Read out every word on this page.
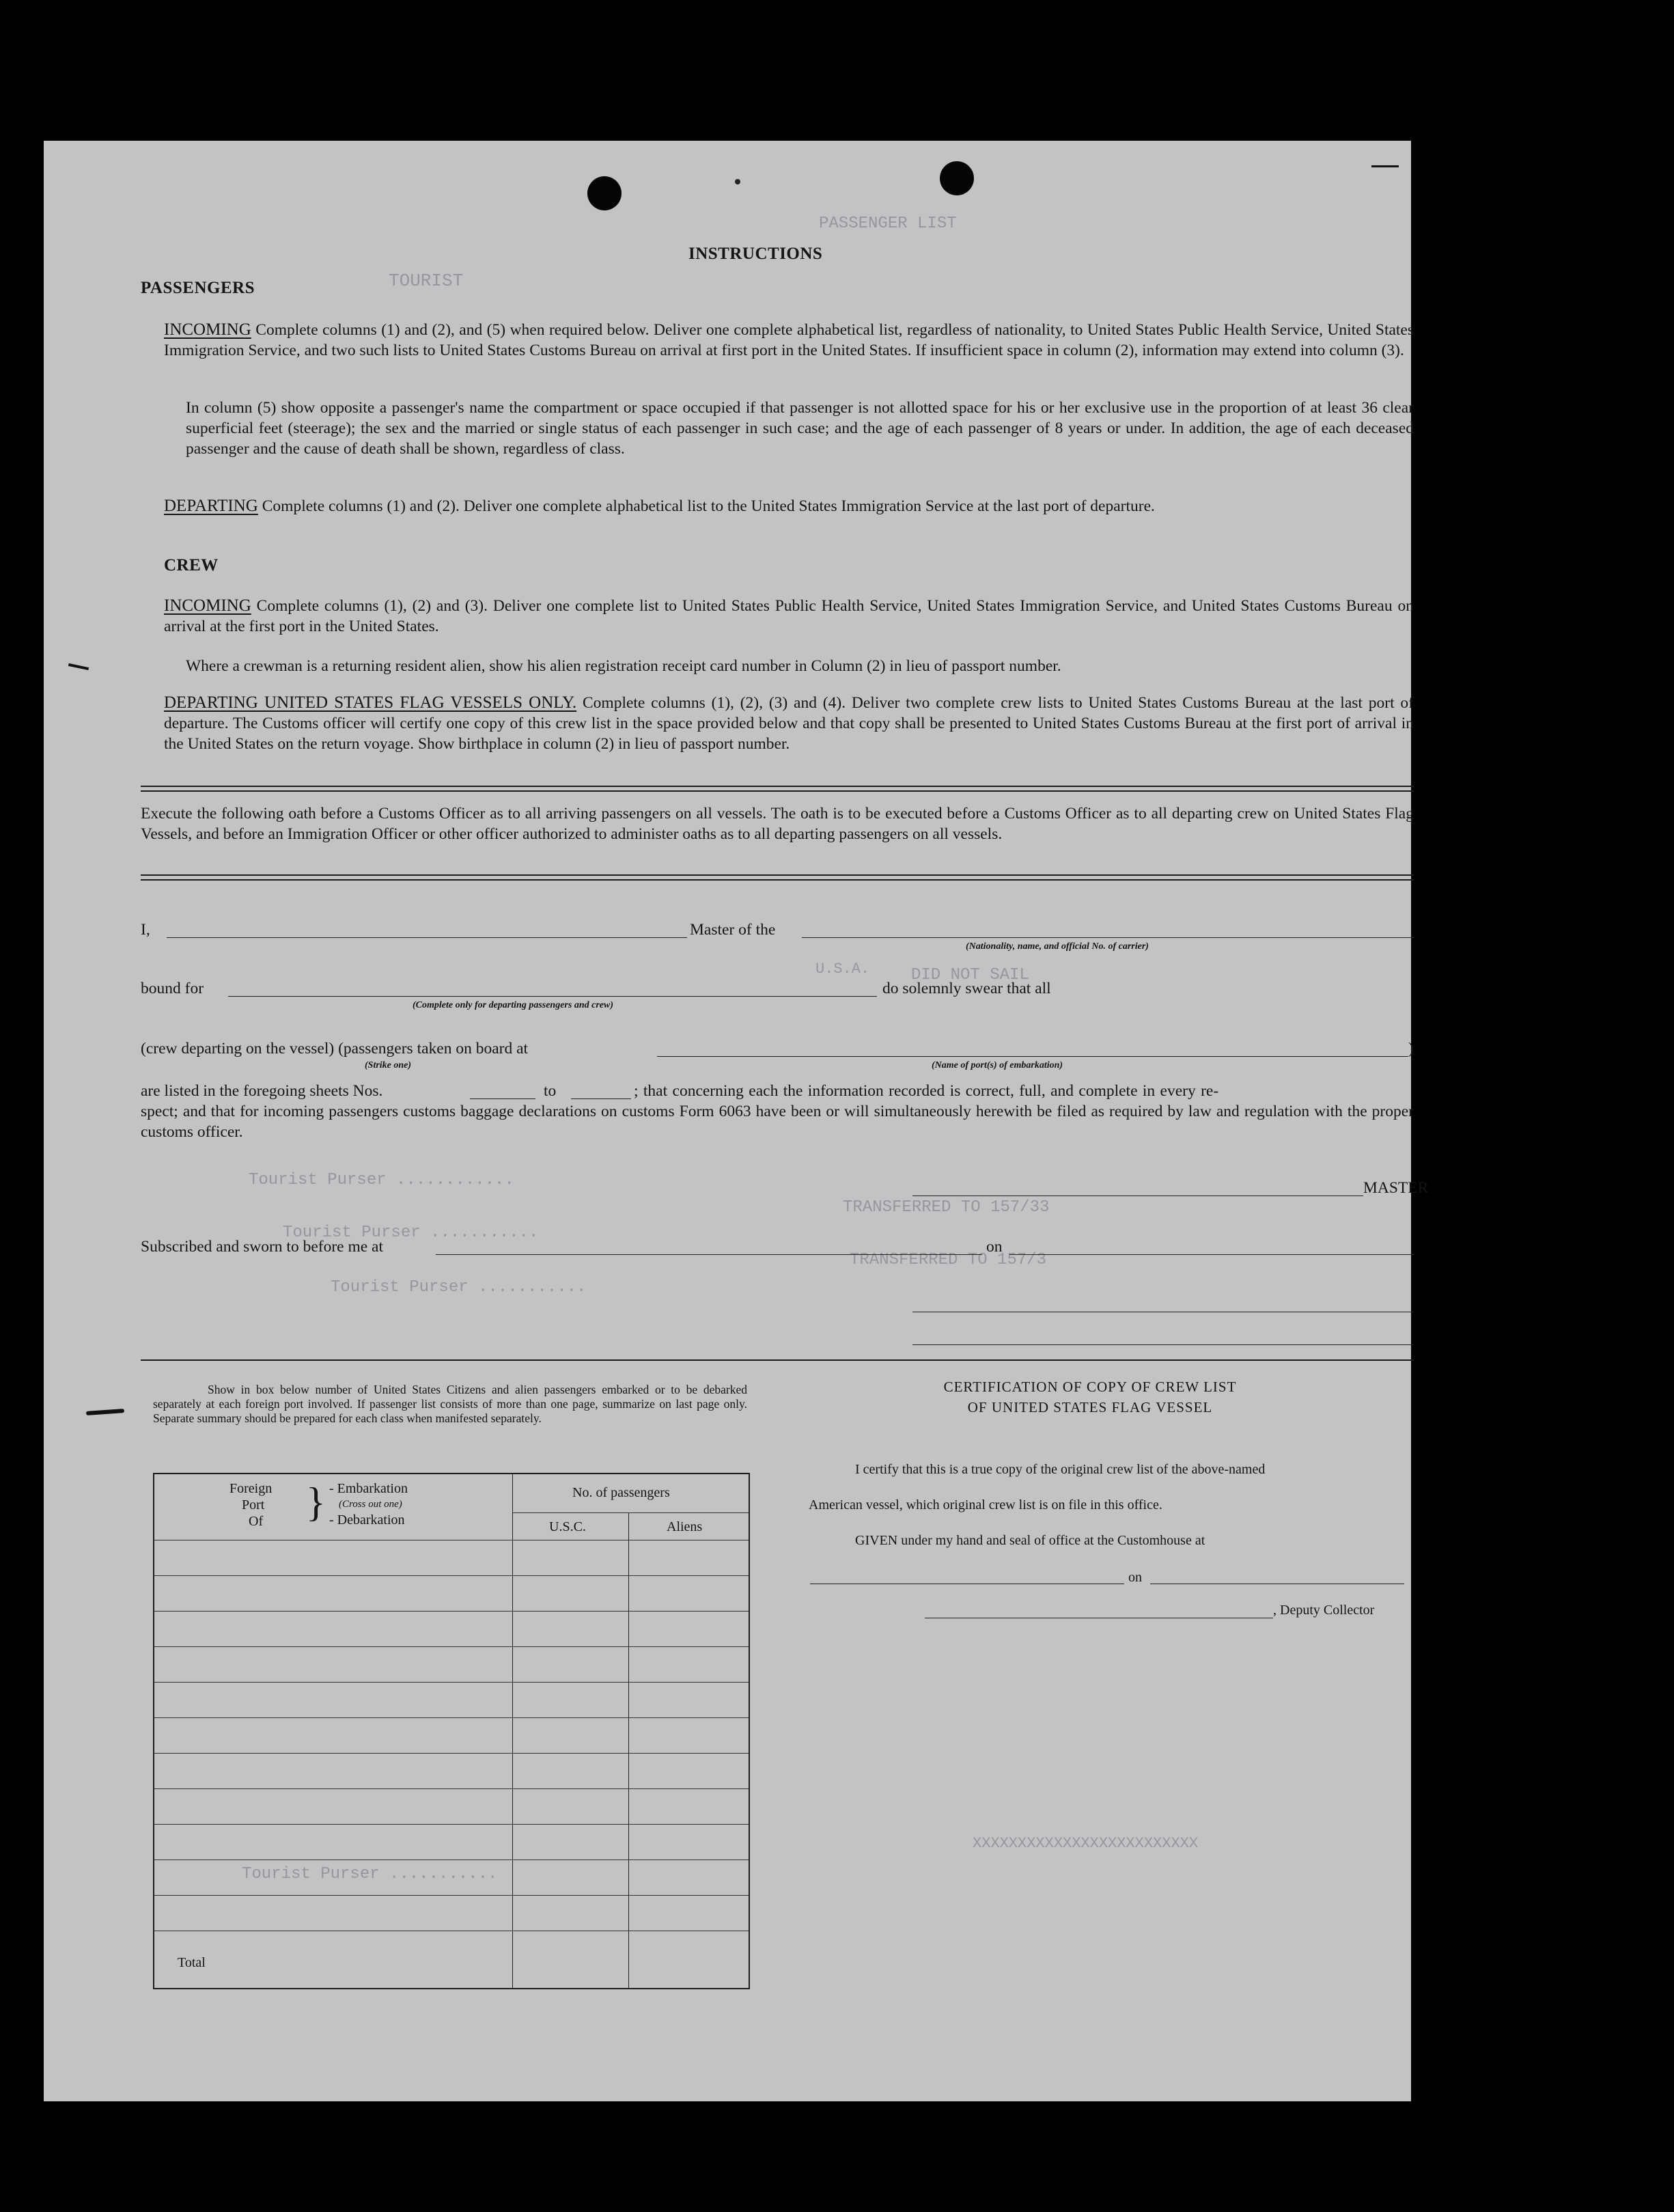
PASSENGER LIST
TOURIST
Tourist Purser ............
TRANSFERRED TO 157/33
Tourist Purser ...........
TRANSFERRED TO 157/3
Tourist Purser ...........
Tourist Purser ...........
DID NOT SAIL
U.S.A.
XXXXXXXXXXXXXXXXXXXXXXXXX
INSTRUCTIONS
PASSENGERS
INCOMING Complete columns (1) and (2), and (5) when required below. Deliver one complete alphabetical list, regardless of nationality, to United States Public Health Service, United States Immigration Service, and two such lists to United States Customs Bureau on arrival at first port in the United States. If insufficient space in column (2), information may extend into column (3).
In column (5) show opposite a passenger's name the compartment or space occupied if that passenger is not allotted space for his or her exclusive use in the proportion of at least 36 clear superficial feet (steerage); the sex and the married or single status of each passenger in such case; and the age of each passenger of 8 years or under. In addition, the age of each deceased passenger and the cause of death shall be shown, regardless of class.
DEPARTING Complete columns (1) and (2). Deliver one complete alphabetical list to the United States Immigration Service at the last port of departure.
CREW
INCOMING Complete columns (1), (2) and (3). Deliver one complete list to United States Public Health Service, United States Immigration Service, and United States Customs Bureau on arrival at the first port in the United States.
Where a crewman is a returning resident alien, show his alien registration receipt card number in Column (2) in lieu of passport number.
DEPARTING UNITED STATES FLAG VESSELS ONLY. Complete columns (1), (2), (3) and (4). Deliver two complete crew lists to United States Customs Bureau at the last port of departure. The Customs officer will certify one copy of this crew list in the space provided below and that copy shall be presented to United States Customs Bureau at the first port of arrival in the United States on the return voyage. Show birthplace in column (2) in lieu of passport number.
Execute the following oath before a Customs Officer as to all arriving passengers on all vessels. The oath is to be executed before a Customs Officer as to all departing crew on United States Flag Vessels, and before an Immigration Officer or other officer authorized to administer oaths as to all departing passengers on all vessels.
I,	Master of the
(Nationality, name, and official No. of carrier)
bound for
(Complete only for departing passengers and crew)
do solemnly swear that all
(crew departing on the vessel) (passengers taken on board at	)
(Strike one)	(Name of port(s) of embarkation)
are listed in the foregoing sheets Nos.	to	; that concerning each the information recorded is correct, full, and complete in every re-
spect; and that for incoming passengers customs baggage declarations on customs Form 6063 have been or will simultaneously herewith be filed as required by law and regulation with the proper customs officer.
MASTER
Subscribed and sworn to before me at	on
Show in box below number of United States Citizens and alien passengers embarked or to be debarked separately at each foreign port involved. If passenger list consists of more than one page, summarize on last page only. Separate summary should be prepared for each class when manifested separately.
Foreign
Port
Of } - Embarkation
(Cross out one)
- Debarkation
No. of passengers
U.S.C.	Aliens
Total
CERTIFICATION OF COPY OF CREW LIST
OF UNITED STATES FLAG VESSEL
I certify that this is a true copy of the original crew list of the above-named
American vessel, which original crew list is on file in this office.
GIVEN under my hand and seal of office at the Customhouse at
on
, Deputy Collector
